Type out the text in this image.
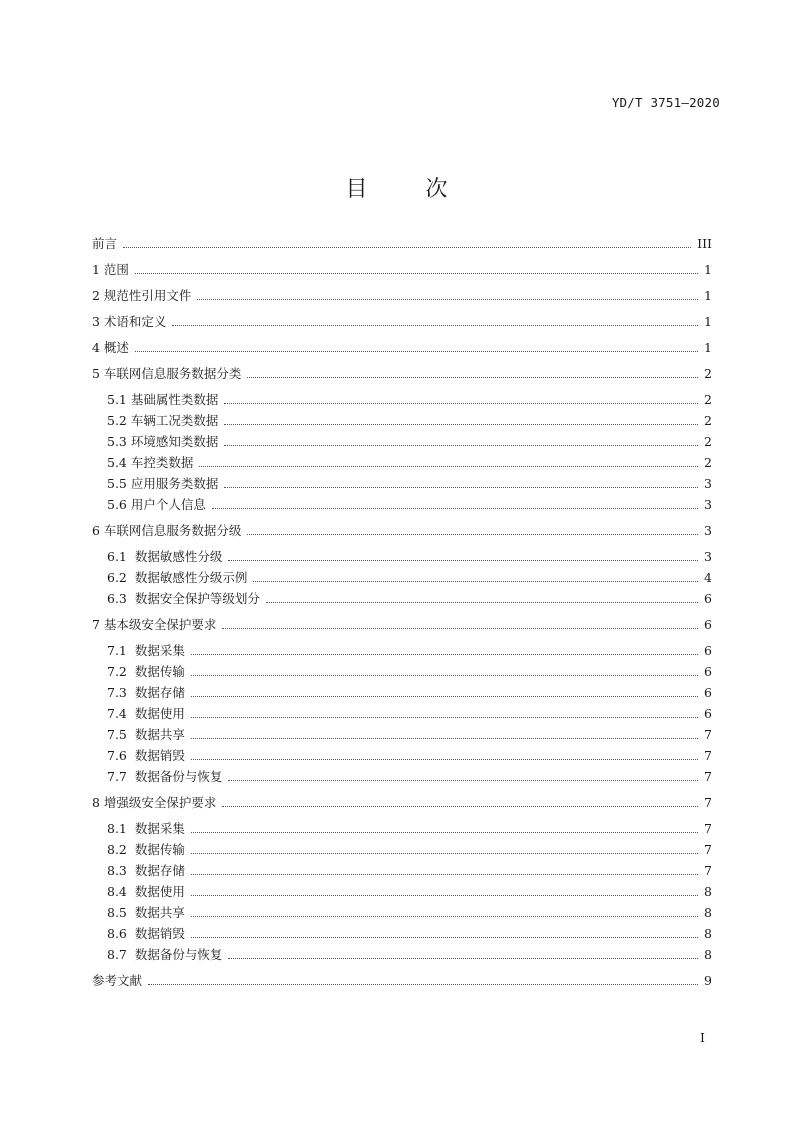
YD/T 3751—2020
目　次
前言	III
1 范围	1
2 规范性引用文件	1
3 术语和定义	1
4 概述	1
5 车联网信息服务数据分类	2
5.1 基础属性类数据	2
5.2 车辆工况类数据	2
5.3 环境感知类数据	2
5.4 车控类数据	2
5.5 应用服务类数据	3
5.6 用户个人信息	3
6 车联网信息服务数据分级	3
6.1  数据敏感性分级	3
6.2  数据敏感性分级示例	4
6.3  数据安全保护等级划分	6
7 基本级安全保护要求	6
7.1  数据采集	6
7.2  数据传输	6
7.3  数据存储	6
7.4  数据使用	6
7.5  数据共享	7
7.6  数据销毁	7
7.7  数据备份与恢复	7
8 增强级安全保护要求	7
8.1  数据采集	7
8.2  数据传输	7
8.3  数据存储	7
8.4  数据使用	8
8.5  数据共享	8
8.6  数据销毁	8
8.7  数据备份与恢复	8
参考文献	9
I
